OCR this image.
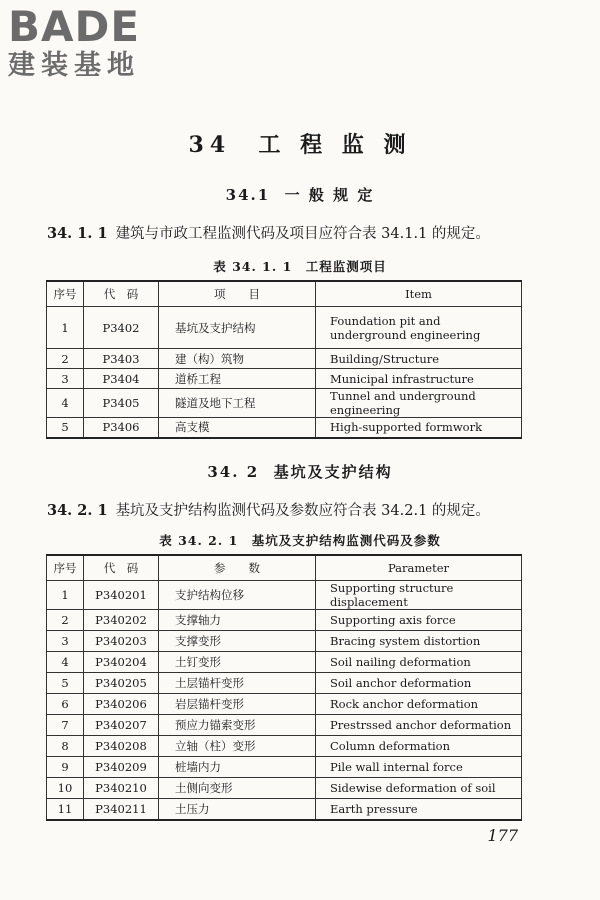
BADE
建装基地
34 工 程 监 测
34.1 一 般 规 定
34. 1. 1 建筑与市政工程监测代码及项目应符合表 34.1.1 的规定。
表 34. 1. 1　工程监测项目
序号	代　码	项　　目	Item
1	P3402	基坑及支护结构	Foundation pit and underground engineering
2	P3403	建（构）筑物	Building/Structure
3	P3404	道桥工程	Municipal infrastructure
4	P3405	隧道及地下工程	Tunnel and underground engineering
5	P3406	高支模	High-supported formwork
34. 2 基坑及支护结构
34. 2. 1 基坑及支护结构监测代码及参数应符合表 34.2.1 的规定。
表 34. 2. 1　基坑及支护结构监测代码及参数
序号	代　码	参　　数	Parameter
1	P340201	支护结构位移	Supporting structure displacement
2	P340202	支撑轴力	Supporting axis force
3	P340203	支撑变形	Bracing system distortion
4	P340204	土钉变形	Soil nailing deformation
5	P340205	土层锚杆变形	Soil anchor deformation
6	P340206	岩层锚杆变形	Rock anchor deformation
7	P340207	预应力锚索变形	Prestrssed anchor deformation
8	P340208	立轴（柱）变形	Column deformation
9	P340209	桩墙内力	Pile wall internal force
10	P340210	土侧向变形	Sidewise deformation of soil
11	P340211	土压力	Earth pressure
177
